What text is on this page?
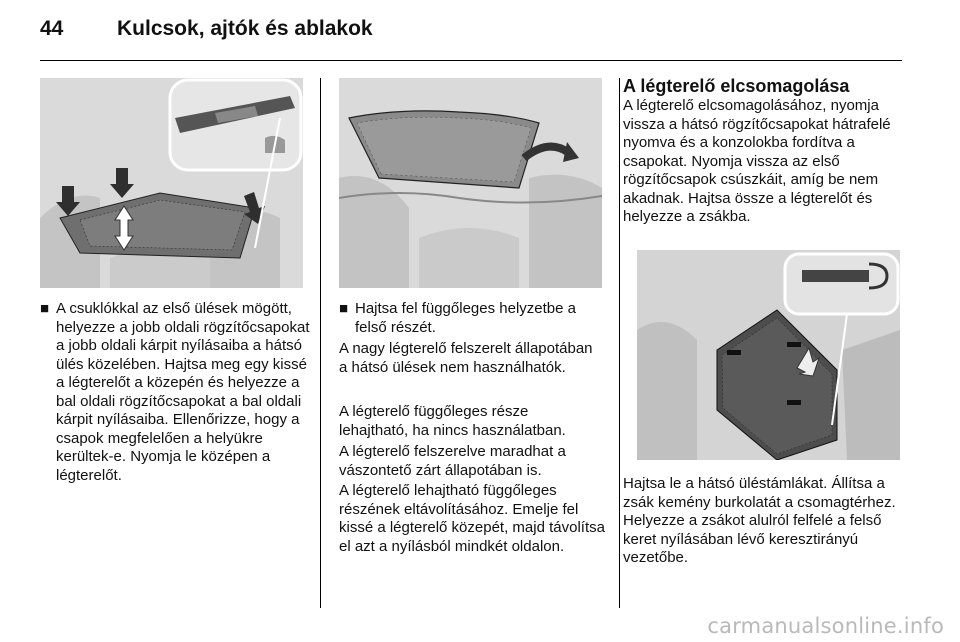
44	Kulcsok, ajtók és ablakok
■ A csuklókkal az első ülések mögött, helyezze a jobb oldali rögzítőcsapokat a jobb oldali kárpit nyílásaiba a hátsó ülés közelében. Hajtsa meg egy kissé a légterelőt a közepén és helyezze a bal oldali rögzítőcsapokat a bal oldali kárpit nyílásaiba. Ellenőrizze, hogy a csapok megfelelően a helyükre kerültek-e. Nyomja le középen a légterelőt.
■ Hajtsa fel függőleges helyzetbe a felső részét.

A nagy légterelő felszerelt állapotában a hátsó ülések nem használhatók.

A légterelő függőleges része lehajtható, ha nincs használatban.

A légterelő felszerelve maradhat a vászontető zárt állapotában is.

A légterelő lehajtható függőleges részének eltávolításához. Emelje fel kissé a légterelő közepét, majd távolítsa el azt a nyílásból mindkét oldalon.

A légterelő elcsomagolása

A légterelő elcsomagolásához, nyomja vissza a hátsó rögzítőcsapokat hátrafelé nyomva és a konzolokba fordítva a csapokat. Nyomja vissza az első rögzítőcsapok csúszkáit, amíg be nem akadnak. Hajtsa össze a légterelőt és helyezze a zsákba.

Hajtsa le a hátsó üléstámlákat. Állítsa a zsák kemény burkolatát a csomagtérhez. Helyezze a zsákot alulról felfelé a felső keret nyílásában lévő keresztirányú vezetőbe.

carmanualsonline.info
